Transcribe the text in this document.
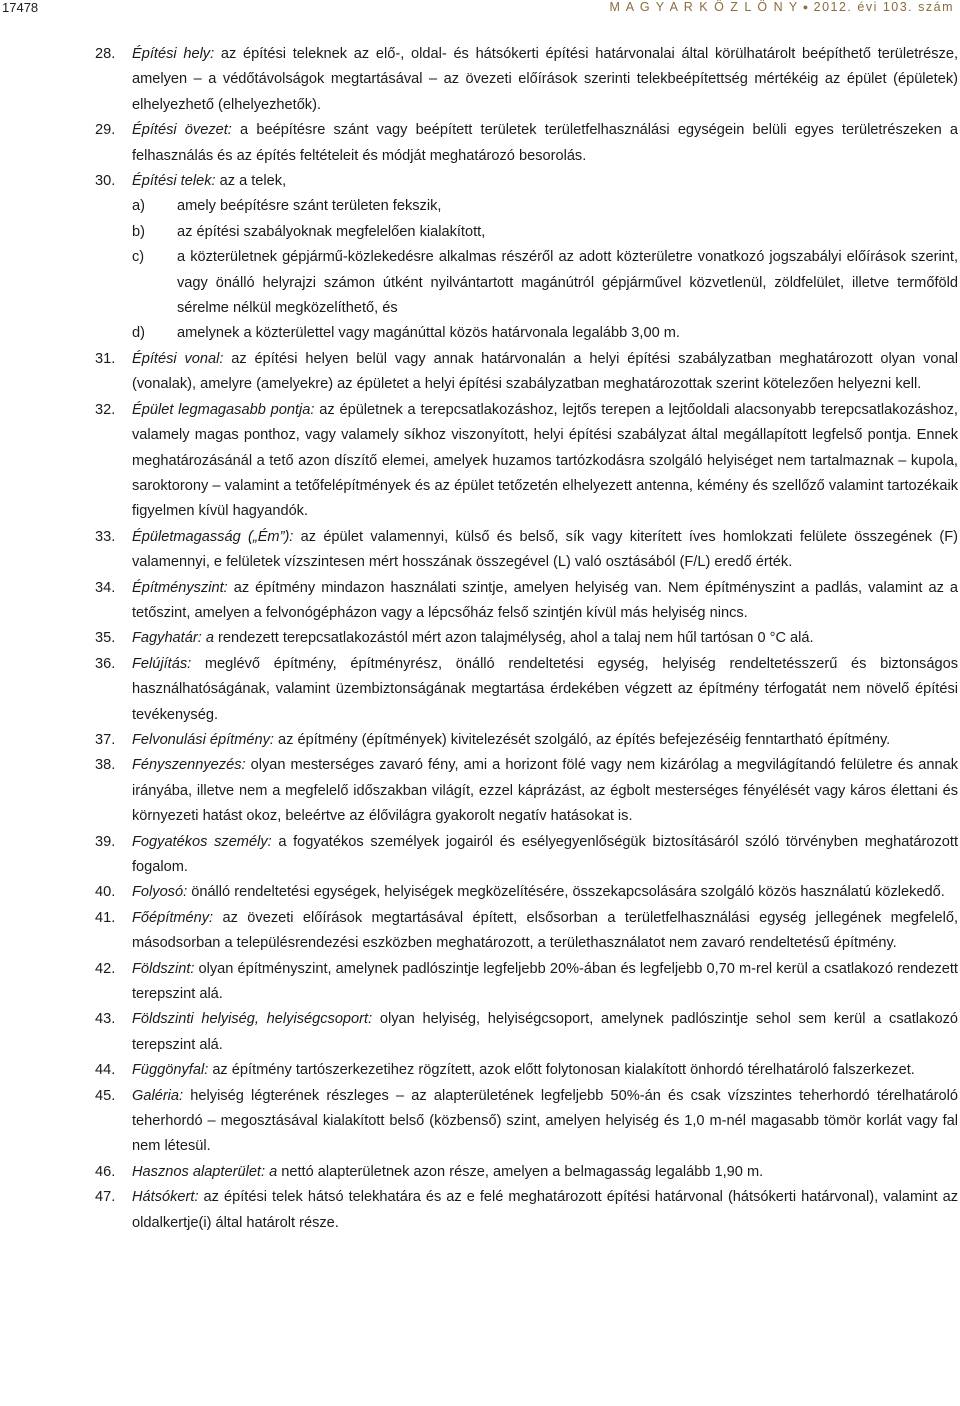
17478	M A G Y A R K Ö Z L Ö N Y ● 2012. évi 103. szám

28. Építési hely: az építési teleknek az elő-, oldal- és hátsókerti építési határvonalai által körülhatárolt beépíthető területrésze, amelyen – a védőtávolságok megtartásával – az övezeti előírások szerinti telekbeépítettség mértékéig az épület (épületek) elhelyezhető (elhelyezhetők).

29. Építési övezet: a beépítésre szánt vagy beépített területek területfelhasználási egységein belüli egyes területrészeken a felhasználás és az építés feltételeit és módját meghatározó besorolás.

30. Építési telek: az a telek,

a) amely beépítésre szánt területen fekszik,
b) az építési szabályoknak megfelelően kialakított,
c) a közterületnek gépjármű-közlekedésre alkalmas részéről az adott közterületre vonatkozó jogszabályi előírások szerint, vagy önálló helyrajzi számon útként nyilvántartott magánútról gépjárművel közvetlenül, zöldfelület, illetve termőföld sérelme nélkül megközelíthető, és
d) amelynek a közterülettel vagy magánúttal közös határvonala legalább 3,00 m.

31. Építési vonal: az építési helyen belül vagy annak határvonalán a helyi építési szabályzatban meghatározott olyan vonal (vonalak), amelyre (amelyekre) az épületet a helyi építési szabályzatban meghatározottak szerint kötelezően helyezni kell.

32. Épület legmagasabb pontja: az épületnek a terepcsatlakozáshoz, lejtős terepen a lejtőoldali alacsonyabb terepcsatlakozáshoz, valamely magas ponthoz, vagy valamely síkhoz viszonyított, helyi építési szabályzat által megállapított legfelső pontja. Ennek meghatározásánál a tető azon díszítő elemei, amelyek huzamos tartózkodásra szolgáló helyiséget nem tartalmaznak – kupola, saroktorony – valamint a tetőfelépítmények és az épület tetőzetén elhelyezett antenna, kémény és szellőző valamint tartozékaik figyelmen kívül hagyandók.

33. Épületmagasság („Ém”): az épület valamennyi, külső és belső, sík vagy kiterített íves homlokzati felülete összegének (F) valamennyi, e felületek vízszintesen mért hosszának összegével (L) való osztásából (F/L) eredő érték.

34. Építményszint: az építmény mindazon használati szintje, amelyen helyiség van. Nem építményszint a padlás, valamint az a tetőszint, amelyen a felvonógépházon vagy a lépcsőház felső szintjén kívül más helyiség nincs.

35. Fagyhatár: a rendezett terepcsatlakozástól mért azon talajmélység, ahol a talaj nem hűl tartósan 0 °C alá.

36. Felújítás: meglévő építmény, építményrész, önálló rendeltetési egység, helyiség rendeltetésszerű és biztonságos használhatóságának, valamint üzembiztonságának megtartása érdekében végzett az építmény térfogatát nem növelő építési tevékenység.

37. Felvonulási építmény: az építmény (építmények) kivitelezését szolgáló, az építés befejezéséig fenntartható építmény.

38. Fényszennyezés: olyan mesterséges zavaró fény, ami a horizont fölé vagy nem kizárólag a megvilágítandó felületre és annak irányába, illetve nem a megfelelő időszakban világít, ezzel káprázást, az égbolt mesterséges fényélését vagy káros élettani és környezeti hatást okoz, beleértve az élővilágra gyakorolt negatív hatásokat is.

39. Fogyatékos személy: a fogyatékos személyek jogairól és esélyegyenlőségük biztosításáról szóló törvényben meghatározott fogalom.

40. Folyosó: önálló rendeltetési egységek, helyiségek megközelítésére, összekapcsolására szolgáló közös használatú közlekedő.

41. Főépítmény: az övezeti előírások megtartásával épített, elsősorban a területfelhasználási egység jellegének megfelelő, másodsorban a településrendezési eszközben meghatározott, a területhasználatot nem zavaró rendeltetésű építmény.

42. Földszint: olyan építményszint, amelynek padlószintje legfeljebb 20%-ában és legfeljebb 0,70 m-rel kerül a csatlakozó rendezett terepszint alá.

43. Földszinti helyiség, helyiségcsoport: olyan helyiség, helyiségcsoport, amelynek padlószintje sehol sem kerül a csatlakozó terepszint alá.

44. Függönyfal: az építmény tartószerkezetihez rögzített, azok előtt folytonosan kialakított önhordó térelhatároló falszerkezet.

45. Galéria: helyiség légterének részleges – az alapterületének legfeljebb 50%-án és csak vízszintes teherhordó térelhatároló teherhordó – megosztásával kialakított belső (közbenső) szint, amelyen helyiség és 1,0 m-nél magasabb tömör korlát vagy fal nem létesül.

46. Hasznos alapterület: a nettó alapterületnek azon része, amelyen a belmagasság legalább 1,90 m.

47. Hátsókert: az építési telek hátsó telekhatára és az e felé meghatározott építési határvonal (hátsókerti határvonal), valamint az oldalkertje(i) által határolt része.
